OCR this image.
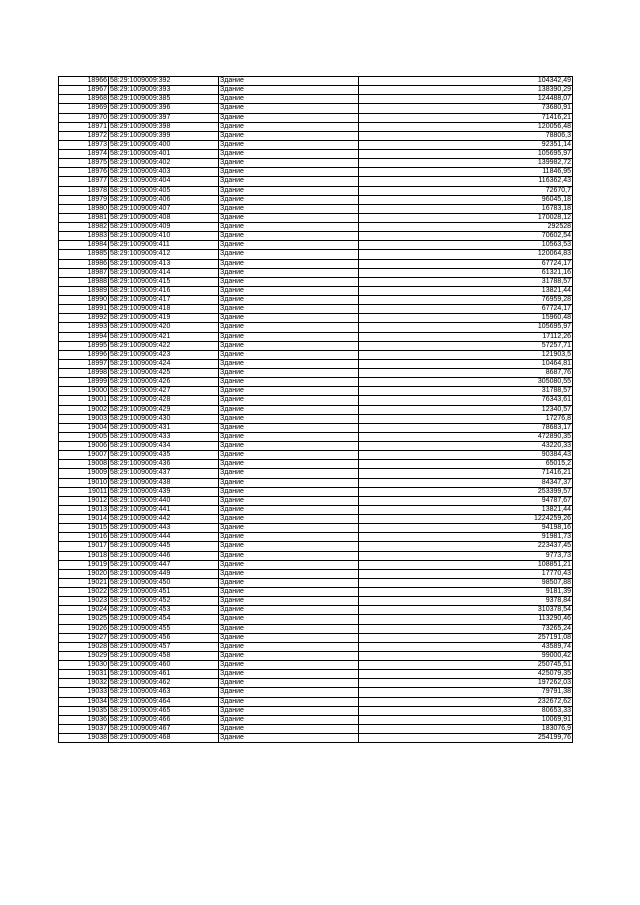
18966	58:29:1009009:392	Здание	104342,49
18967	58:29:1009009:393	Здание	138390,29
18968	58:29:1009009:385	Здание	124488,07
18969	58:29:1009009:396	Здание	73680,91
18970	58:29:1009009:397	Здание	71416,21
18971	58:29:1009009:398	Здание	120056,48
18972	58:29:1009009:399	Здание	78806,3
18973	58:29:1009009:400	Здание	92351,14
18974	58:29:1009009:401	Здание	105695,97
18975	58:29:1009009:402	Здание	139982,72
18976	58:29:1009009:403	Здание	11846,95
18977	58:29:1009009:404	Здание	116362,43
18978	58:29:1009009:405	Здание	72670,7
18979	58:29:1009009:406	Здание	96045,18
18980	58:29:1009009:407	Здание	16783,18
18981	58:29:1009009:408	Здание	170028,12
18982	58:29:1009009:409	Здание	292528
18983	58:29:1009009:410	Здание	70602,54
18984	58:29:1009009:411	Здание	10563,53
18985	58:29:1009009:412	Здание	120064,83
18986	58:29:1009009:413	Здание	67724,17
18987	58:29:1009009:414	Здание	61321,16
18988	58:29:1009009:415	Здание	31788,57
18989	58:29:1009009:416	Здание	13821,44
18990	58:29:1009009:417	Здание	76959,28
18991	58:29:1009009:418	Здание	67724,17
18992	58:29:1009009:419	Здание	15960,48
18993	58:29:1009009:420	Здание	105695,97
18994	58:29:1009009:421	Здание	17112,26
18995	58:29:1009009:422	Здание	57257,71
18996	58:29:1009009:423	Здание	121903,5
18997	58:29:1009009:424	Здание	10464,81
18998	58:29:1009009:425	Здание	8687,76
18999	58:29:1009009:426	Здание	305080,55
19000	58:29:1009009:427	Здание	31788,57
19001	58:29:1009009:428	Здание	76343,61
19002	58:29:1009009:429	Здание	12340,57
19003	58:29:1009009:430	Здание	17276,8
19004	58:29:1009009:431	Здание	78683,17
19005	58:29:1009009:433	Здание	472890,35
19006	58:29:1009009:434	Здание	43220,33
19007	58:29:1009009:435	Здание	90384,43
19008	58:29:1009009:436	Здание	65015,2
19009	58:29:1009009:437	Здание	71416,21
19010	58:29:1009009:438	Здание	84347,37
19011	58:29:1009009:439	Здание	253399,57
19012	58:29:1009009:440	Здание	94787,67
19013	58:29:1009009:441	Здание	13821,44
19014	58:29:1009009:442	Здание	1224259,26
19015	58:29:1009009:443	Здание	94198,16
19016	58:29:1009009:444	Здание	91981,73
19017	58:29:1009009:445	Здание	223437,45
19018	58:29:1009009:446	Здание	9773,73
19019	58:29:1009009:447	Здание	108851,21
19020	58:29:1009009:449	Здание	17770,43
19021	58:29:1009009:450	Здание	98507,88
19022	58:29:1009009:451	Здание	9181,39
19023	58:29:1009009:452	Здание	9378,84
19024	58:29:1009009:453	Здание	310378,54
19025	58:29:1009009:454	Здание	113290,46
19026	58:29:1009009:455	Здание	73265,24
19027	58:29:1009009:456	Здание	257191,08
19028	58:29:1009009:457	Здание	43589,74
19029	58:29:1009009:458	Здание	99000,42
19030	58:29:1009009:460	Здание	250745,51
19031	58:29:1009009:461	Здание	425079,35
19032	58:29:1009009:462	Здание	197262,03
19033	58:29:1009009:463	Здание	79791,38
19034	58:29:1009009:464	Здание	232672,62
19035	58:29:1009009:465	Здание	80653,33
19036	58:29:1009009:466	Здание	10069,91
19037	58:29:1009009:467	Здание	183076,9
19038	58:29:1009009:468	Здание	254199,76
